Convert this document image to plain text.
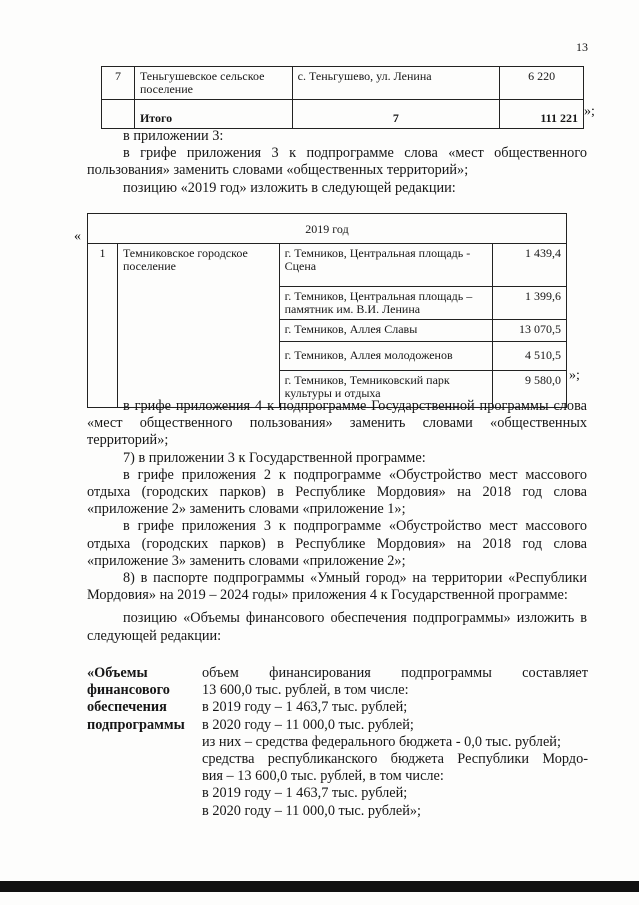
13
7	Теньгушевское сельское поселение	с. Теньгушево, ул. Ленина	6 220
	Итого	7	111 221 »;

в приложении 3:

в грифе приложения 3 к подпрограмме слова «мест общественного пользования» заменить словами «общественных территорий»;

позицию «2019 год» изложить в следующей редакции:

«	2019 год			
1	Темниковское городское поселение	г. Темников, Центральная площадь - Сцена	1 439,4
		г. Темников, Центральная площадь – памятник им. В.И. Ленина	1 399,6
		г. Темников, Аллея Славы	13 070,5
		г. Темников, Аллея молодоженов	4 510,5
		г. Темников, Темниковский парк культуры и отдыха	9 580,0 »;

в грифе приложения 4 к подпрограмме Государственной программы слова «мест общественного пользования» заменить словами «общественных территорий»;

7) в приложении 3 к Государственной программе:

в грифе приложения 2 к подпрограмме «Обустройство мест массового отдыха (городских парков) в Республике Мордовия» на 2018 год слова «приложение 2» заменить словами «приложение 1»;

в грифе приложения 3 к подпрограмме «Обустройство мест массового отдыха (городских парков) в Республике Мордовия» на 2018 год слова «приложение 3» заменить словами «приложение 2»;

8) в паспорте подпрограммы «Умный город» на территории «Республики Мордовия» на 2019 – 2024 годы» приложения 4 к Государственной программе:

позицию «Объемы финансового обеспечения подпрограммы» изложить в следующей редакции:

«Объемы
финансового
обеспечения
подпрограммы
объем финансирования подпрограммы составляет
13 600,0 тыс. рублей, в том числе:
в 2019 году – 1 463,7 тыс. рублей;
в 2020 году – 11 000,0 тыс. рублей;
из них – средства федерального бюджета - 0,0 тыс. рублей;
средства республиканского бюджета Республики Мордо-
вия – 13 600,0 тыс. рублей, в том числе:
в 2019 году – 1 463,7 тыс. рублей;
в 2020 году – 11 000,0 тыс. рублей»;
